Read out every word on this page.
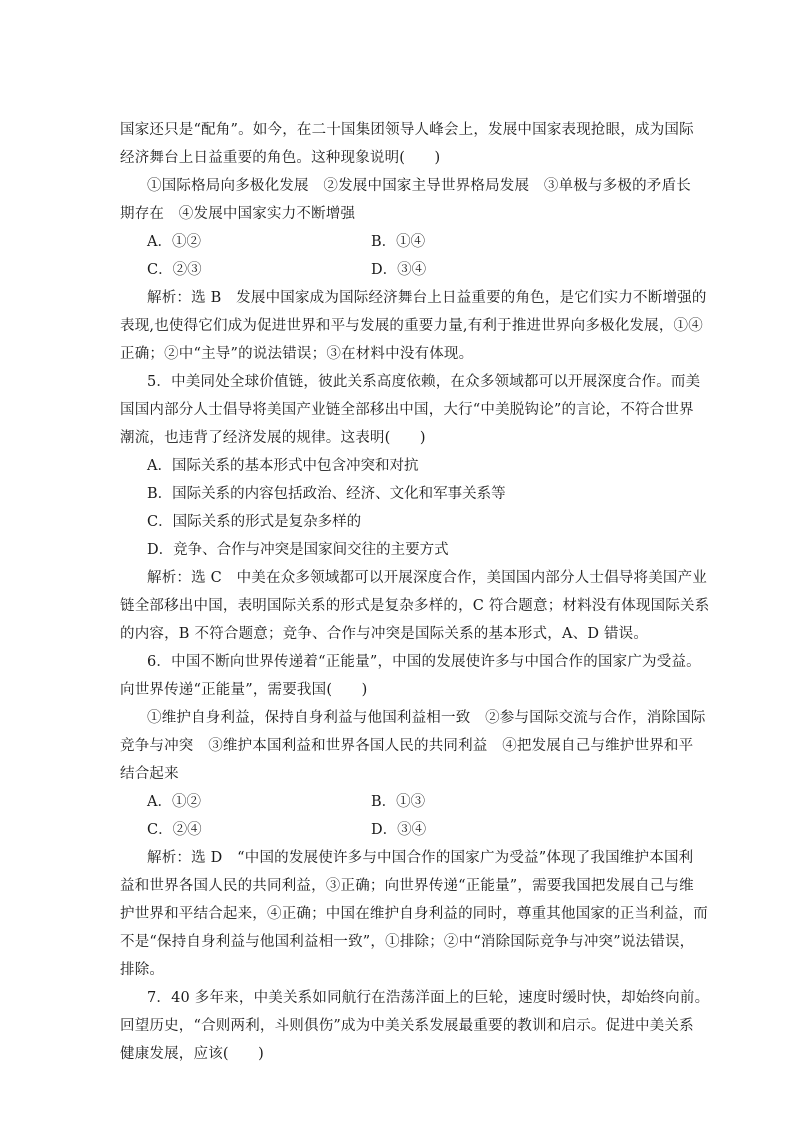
国家还只是“配角”。如今，在二十国集团领导人峰会上，发展中国家表现抢眼，成为国际
经济舞台上日益重要的角色。这种现象说明(　　)
①国际格局向多极化发展　②发展中国家主导世界格局发展　③单极与多极的矛盾长
期存在　④发展中国家实力不断增强
A．①②	B．①④
C．②③	D．③④
解析：选 B　发展中国家成为国际经济舞台上日益重要的角色，是它们实力不断增强的
表现,也使得它们成为促进世界和平与发展的重要力量,有利于推进世界向多极化发展，①④
正确；②中“主导”的说法错误；③在材料中没有体现。
5．中美同处全球价值链，彼此关系高度依赖，在众多领域都可以开展深度合作。而美
国国内部分人士倡导将美国产业链全部移出中国，大行“中美脱钩论”的言论，不符合世界
潮流，也违背了经济发展的规律。这表明(　　)
A．国际关系的基本形式中包含冲突和对抗
B．国际关系的内容包括政治、经济、文化和军事关系等
C．国际关系的形式是复杂多样的
D．竞争、合作与冲突是国家间交往的主要方式
解析：选 C　中美在众多领域都可以开展深度合作，美国国内部分人士倡导将美国产业
链全部移出中国，表明国际关系的形式是复杂多样的，C 符合题意；材料没有体现国际关系
的内容，B 不符合题意；竞争、合作与冲突是国际关系的基本形式，A、D 错误。
6．中国不断向世界传递着“正能量”，中国的发展使许多与中国合作的国家广为受益。
向世界传递“正能量”，需要我国(　　)
①维护自身利益，保持自身利益与他国利益相一致　②参与国际交流与合作，消除国际
竞争与冲突　③维护本国利益和世界各国人民的共同利益　④把发展自己与维护世界和平
结合起来
A．①②	B．①③
C．②④	D．③④
解析：选 D　“中国的发展使许多与中国合作的国家广为受益”体现了我国维护本国利
益和世界各国人民的共同利益，③正确；向世界传递“正能量”，需要我国把发展自己与维
护世界和平结合起来，④正确；中国在维护自身利益的同时，尊重其他国家的正当利益，而
不是“保持自身利益与他国利益相一致”，①排除；②中“消除国际竞争与冲突”说法错误，
排除。
7．40 多年来，中美关系如同航行在浩荡洋面上的巨轮，速度时缓时快，却始终向前。
回望历史，“合则两利，斗则俱伤”成为中美关系发展最重要的教训和启示。促进中美关系
健康发展，应该(　　)
